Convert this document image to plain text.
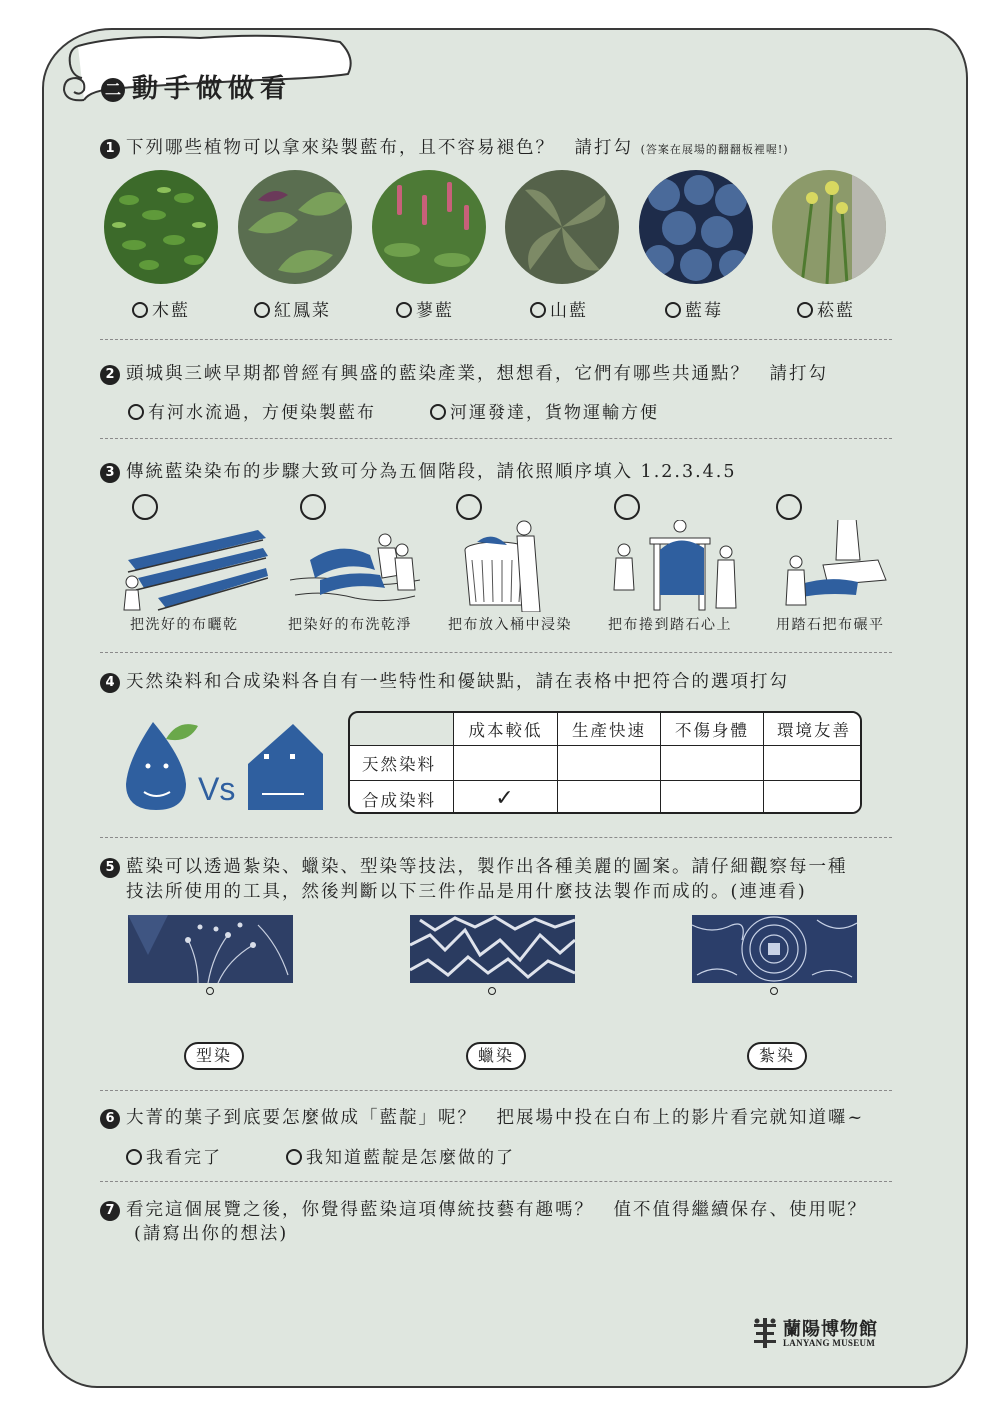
二 動手做做看
1 下列哪些植物可以拿來染製藍布，且不容易褪色？　請打勾 (答案在展場的翻翻板裡喔!)
木藍	紅鳳菜	蓼藍	山藍	藍莓	菘藍
2 頭城與三峽早期都曾經有興盛的藍染產業，想想看，它們有哪些共通點？　請打勾
有河水流過，方便染製藍布	河運發達，貨物運輸方便
3 傳統藍染染布的步驟大致可分為五個階段，請依照順序填入 1.2.3.4.5
把洗好的布曬乾	把染好的布洗乾淨	把布放入桶中浸染	把布捲到踏石心上	用踏石把布碾平
4 天然染料和合成染料各自有一些特性和優缺點，請在表格中把符合的選項打勾
Vs
成本較低	生產快速	不傷身體	環境友善
天然染料
合成染料	✓
5 藍染可以透過紮染、蠟染、型染等技法，製作出各種美麗的圖案。請仔細觀察每一種
技法所使用的工具，然後判斷以下三件作品是用什麼技法製作而成的。(連連看)
型染	蠟染	紮染
6 大菁的葉子到底要怎麼做成「藍靛」呢？　把展場中投在白布上的影片看完就知道囉~
我看完了	我知道藍靛是怎麼做的了
7 看完這個展覽之後，你覺得藍染這項傳統技藝有趣嗎？　值不值得繼續保存、使用呢？
(請寫出你的想法)
蘭陽博物館
LANYANG MUSEUM
